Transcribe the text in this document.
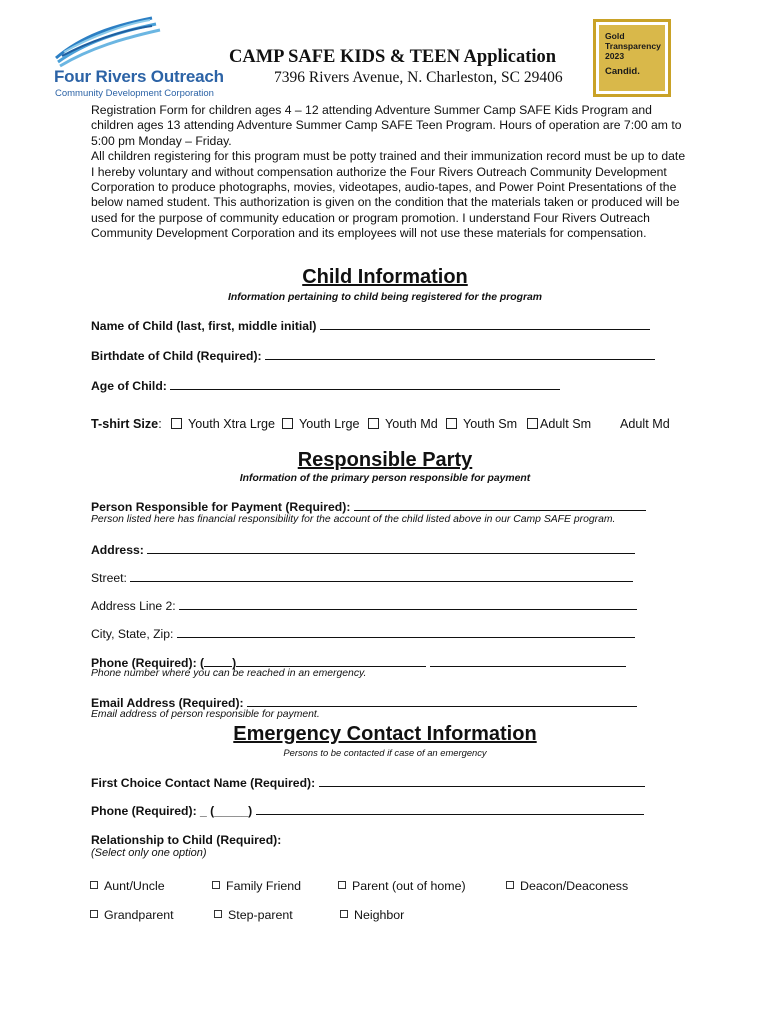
Four Rivers Outreach
Community Development Corporation
CAMP SAFE KIDS & TEEN Application
7396 Rivers Avenue, N. Charleston, SC 29406
Gold
Transparency
2023
Candid.

Registration Form for children ages 4 – 12 attending Adventure Summer Camp SAFE Kids Program and children ages 13 attending Adventure Summer Camp SAFE Teen Program. Hours of operation are 7:00 am to 5:00 pm Monday – Friday.

All children registering for this program must be potty trained and their immunization record must be up to date

I hereby voluntary and without compensation authorize the Four Rivers Outreach Community Development Corporation to produce photographs, movies, videotapes, audio-tapes, and Power Point Presentations of the below named student. This authorization is given on the condition that the materials taken or produced will be used for the purpose of community education or program promotion. I understand Four Rivers Outreach Community Development Corporation and its employees will not use these materials for compensation.

Child Information
Information pertaining to child being registered for the program
Name of Child (last, first, middle initial)
Birthdate of Child (Required):
Age of Child:
T-shirt Size:	Youth Xtra Lrge	Youth Lrge	Youth Md	Youth Sm	Adult Sm Adult Md
Responsible Party
Information of the primary person responsible for payment
Person Responsible for Payment (Required):
Person listed here has financial responsibility for the account of the child listed above in our Camp SAFE program.
Address:
Street:
Address Line 2:
City, State, Zip:
Phone (Required): ( )
Phone number where you can be reached in an emergency.
Email Address (Required):
Email address of person responsible for payment.
Emergency Contact Information
Persons to be contacted if case of an emergency
First Choice Contact Name (Required):
Phone (Required): _ (_____)
Relationship to Child (Required):
(Select only one option)
Aunt/Uncle	Family Friend	Parent (out of home)	Deacon/Deaconess
Grandparent	Step-parent	Neighbor
